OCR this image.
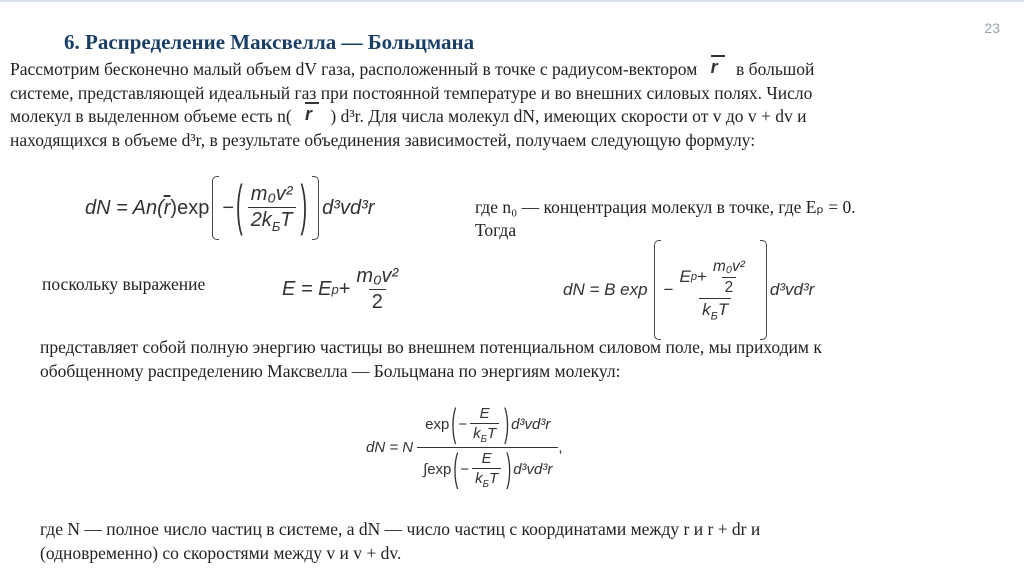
23
6. Распределение Максвелла — Больцмана
Рассмотрим бесконечно малый объем dV газа, расположенный в точке с радиусом-вектором r в большой
системе, представляющей идеальный газ при постоянной температуре и во внешних силовых полях. Число
молекул в выделенном объеме есть n( r ) d³r. Для числа молекул dN, имеющих скорости от v до v + dv и
находящихся в объеме d³r, в результате объединения зависимостей, получаем следующую формулу:
dN = An( $\overline{r}$ )exp − ( $\frac{\text{m₀v²}}{2k_БT}$ ) d³vd³r	где n₀ — концентрация молекул в точке, где Eₚ = 0.
Тогда
поскольку выражение	E = E $p + \frac{\text{m₀v²}}{2}$	dN = B $\exp - \frac{E p + \frac{\text{m₀v²}}{2}}{k_БT} d^3vd^3r$
представляет собой полную энергию частицы во внешнем потенциальном силовом поле, мы приходим к
обобщенному распределению Максвелла — Больцмана по энергиям молекул:
dN = N
exp ( − $\frac{E}{k_БT}$ ) d³vd³r
∫exp ( − $\frac{E}{k_БT}$ ) d³vd³r
,
где N — полное число частиц в системе, а dN — число частиц с координатами между r и r + dr и
(одновременно) со скоростями между v и v + dv.
